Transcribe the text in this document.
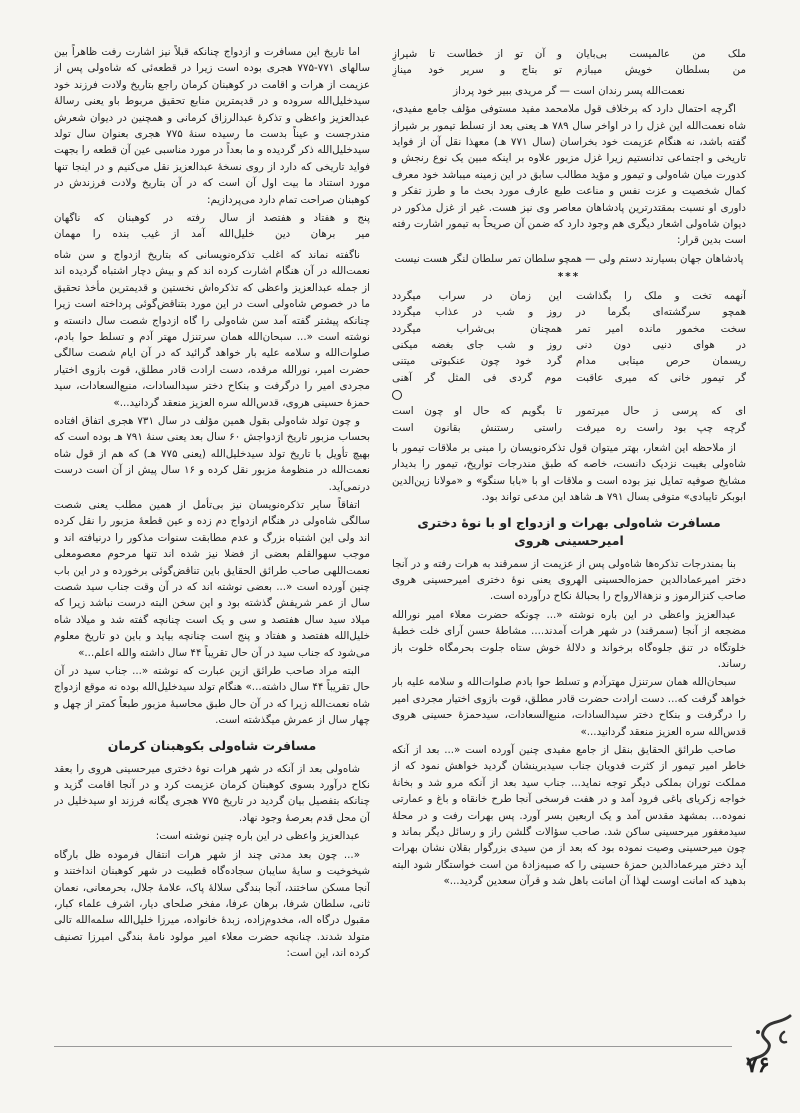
ملک من عالمیست بی‌بایان
و آن تو از خطاست تا شیرازِ
من بسلطان خویش میبازم
تو بتاج و سریر خود مینازِ
نعمت‌الله پسر رندان است — گر مریدی ببیر خود پرداز

اگرچه احتمال دارد که برخلاف قول ملامحمد مفید مستوفی مؤلف جامع مفیدی، شاه نعمت‌الله این غزل را در اواخر سال ۷۸۹ هـ یعنی بعد از تسلط تیمور بر شیراز گفته باشد، نه هنگام عزیمت خود بخراسان (سال ۷۷۱ هـ) معهذا نقل آن از فواید تاریخی و اجتماعی تدانستیم زیرا غزل مزبور علاوه بر اینکه مبین یک نوع رنجش و کدورت میان شاه‌ولی و تیمور و مؤید مطالب سابق در این زمینه میباشد خود معرف کمال شخصیت و عزت نفس و مناعت طبع عارف مورد بحث ما و طرز تفکر و داوری او نسبت بمقتدرترین پادشاهان معاصر وی نیز هست. غیر از غزل مذکور در دیوان شاه‌ولی اشعار دیگری هم وجود دارد که ضمن آن صریحاً به تیمور اشارت رفته است بدین قرار:

پادشاهان جهان بسیارند دستم ولی — همچو سلطان تمر سلطان لنگر هست نیست
***
آنهمه تخت و ملک را بگذاشت
این زمان در سراب میگردد
همچو سرگشته‌ای بگرما در
روز و شب در عذاب میگردد
سخت مخمور مانده امیر تمر
همچنان بی‌شراب میگردد
در هوای دنیی دون دنی
روز و شب جای بغضه میکنی
ریسمان حرص میتابی مدام
گرد خود چون عنکبوتی میتنی
گر تیمور خانی که میری عاقبت
موم گردی فی المثل گر آهنی
ای که پرسی ز حال میرتمور
تا بگویم که حال او چون است
گرچه چپ بود راست ره میرفت
راستی رستنش بقانون است

از ملاحظه این اشعار، بهتر میتوان قول تذکره‌نویسان را مبنی بر ملاقات تیمور با شاه‌ولی بغیبت نزدیک دانست، خاصه که طبق مندرجات تواریخ، تیمور را بدیدار مشایخ صوفیه تمایل نیز بوده است و ملاقات او با «بابا سنگو» و «مولانا زین‌الدین ابوبکر تایبادی» متوفی بسال ۷۹۱ هـ شاهد این مدعی تواند بود.

مسافرت شاه‌ولی بهرات و ازدواج او با نوهٔ دختری امیرحسینی هروی

بنا بمندرجات تذکره‌ها شاه‌ولی پس از عزیمت از سمرقند به هرات رفته و در آنجا دختر امیرعمادالدین حمزه‌الحسینی الهروی یعنی نوهٔ دختری امیرحسینی هروی صاحب کنزالرموز و نزهة‌الارواح را بحبالهٔ نکاح درآورده است.

عبدالعزیز واعظی در این باره نوشته «... چونکه حضرت معلاء امیر نورالله مضجعه از آنجا (سمرقند) در شهر هرات آمدند.... مشاطهٔ حسن آرای خلت خطبهٔ خلوتگاه در تنق جلوه‌گاه برخواند و دلالهٔ خوش ستاه جلوت بحرمگاه خلوت باز رساند.

سبحان‌الله همان سرتنزل مهترآدم و تسلط حوا بادم صلوات‌الله و سلامه علیه بار خواهد گرفت که... دست ارادت حضرت قادر مطلق، قوت بازوی اختیار مجردی امیر را درگرفت و بنکاح دختر سیدالسادات، منبع‌السعادات، سیدحمزهٔ حسینی هروی قدس‌الله سره العزیز منعقد گردانید...»

صاحب طرائق الحقایق بنقل از جامع مفیدی چنین آورده است «... بعد از آنکه خاطر امیر تیمور از کثرت فدویان جناب سیدبرینشان گردید خواهش نمود که از مملکت توران بملکی دیگر توجه نماید... جناب سید بعد از آنکه مرو شد و بخانهٔ خواجه زکریای باغی فرود آمد و در هفت فرسخی آنجا طرح خانقاه و باغ و عمارتی نموده... بمشهد مقدس آمد و یک اربعین بسر آورد. پس بهرات رفت و در محلهٔ سیدمغفور میرحسینی ساکن شد. صاحب سؤالات گلشن راز و رسائل دیگر بماند و چون میرحسینی وصیت نموده بود که بعد از من سیدی بزرگوار بقلان نشان بهرات آید دختر میرعمادالدین حمزهٔ حسینی را که صبیه‌زادهٔ من است خواستگار شود البته بدهید که امانت اوست لهذا آن امانت باهل شد و قرآن سعدین گردید...»

اما تاریخ این مسافرت و ازدواج چنانکه قبلاً نیز اشارت رفت ظاهراً بین سالهای ۷۷۱-۷۷۵ هجری بوده است زیرا در قطعه‌ئی که شاه‌ولی پس از عزیمت از هرات و اقامت در کوهبنان کرمان راجع بتاریخ ولادت فرزند خود سیدخلیل‌الله سروده و در قدیمترین منابع تحقیق مربوط باو یعنی رسالهٔ عبدالعزیز واعظی و تذکرهٔ عبدالرزاق کرمانی و همچنین در دیوان شعرش مندرجست و عیناً بدست ما رسیده سنهٔ ۷۷۵ هجری بعنوان سال تولد سیدخلیل‌الله ذکر گردیده و ما بعداً در مورد مناسبی عین آن قطعه را بجهت فواید تاریخی که دارد از روی نسخهٔ عبدالعزیز نقل می‌کنیم و در اینجا تنها مورد استناد ما بیت اول آن است که در آن بتاریخ ولادت فرزندش در کوهبنان صراحت تمام دارد می‌پردازیم:

پنج و هفتاد و هفتصد از سال
رفته در کوهبنان که ناگهان
میر برهان دین خلیل‌الله
آمد از غیب بنده را مهمان

ناگفته نماند که اغلب تذکره‌نویسانی که بتاریخ ازدواج و سن شاه نعمت‌الله در آن هنگام اشارت کرده اند کم و بیش دچار اشتباه گردیده اند از جمله عبدالعزیز واعظی که تذکره‌اش نخستین و قدیمترین مأخذ تحقیق ما در خصوص شاه‌ولی است در این مورد بتناقض‌گوئی پرداخته است زیرا چنانکه پیشتر گفته آمد سن شاه‌ولی را گاه ازدواج شصت سال دانسته و نوشته است «... سبحان‌الله همان سرتنزل مهتر آدم و تسلط حوا بادم، صلوات‌الله و سلامه علیه بار خواهد گرائید که در آن ایام شصت سالگی حضرت امیر، نورالله مرقده، دست ارادت قادر مطلق، قوت بازوی اختیار مجردی امیر را درگرفت و بنکاح دختر سیدالسادات، منبع‌السعادات، سید حمزهٔ حسینی هروی، قدس‌الله سره العزیز منعقد گردانید...»

و چون تولد شاه‌ولی بقول همین مؤلف در سال ۷۳۱ هجری اتفاق افتاده بحساب مزبور تاریخ ازدواجش ۶۰ سال بعد یعنی سنهٔ ۷۹۱ هـ بوده است که بهیچ تأویل با تاریخ تولد سیدخلیل‌الله (یعنی ۷۷۵ هـ) که هم از قول شاه نعمت‌الله در منظومهٔ مزبور نقل کرده و ۱۶ سال پیش از آن است درست درنمی‌آید.

اتفاقاً سایر تذکره‌نویسان نیز بی‌تأمل از همین مطلب یعنی شصت سالگی شاه‌ولی در هنگام ازدواج دم زده و عین قطعهٔ مزبور را نقل کرده اند ولی این اشتباه بزرگ و عدم مطابقت سنوات مذکور را درنیافته اند و موجب سهوالقلم بعضی از فضلا نیز شده اند تنها مرحوم معصومعلی نعمت‌اللهی صاحب طرائق الحقایق باین تناقض‌گوئی برخورده و در این باب چنین آورده است «... بعضی نوشته اند که در آن وقت جناب سید شصت سال از عمر شریفش گذشته بود و این سخن البته درست نباشد زیرا که میلاد سید سال هفتصد و سی و یک است چنانچه گفته شد و میلاد شاه خلیل‌الله هفتصد و هفتاد و پنج است چنانچه بیاید و باین دو تاریخ معلوم می‌شود که جناب سید در آن حال تقریباً ۴۴ سال داشته والله اعلم...»

البته مراد صاحب طرائق ازین عبارت که نوشته «... جناب سید در آن حال تقریباً ۴۴ سال داشته...» هنگام تولد سیدخلیل‌الله بوده نه موقع ازدواج شاه نعمت‌الله زیرا که در آن حال طبق محاسبهٔ مزبور طبعاً کمتر از چهل و چهار سال از عمرش میگذشته است.

مسافرت شاه‌ولی بکوهبنان کرمان

شاه‌ولی بعد از آنکه در شهر هرات نوهٔ دختری میرحسینی هروی را بعقد نکاح درآورد بسوی کوهبنان کرمان عزیمت کرد و در آنجا اقامت گزید و چنانکه بتفصیل بیان گردید در تاریخ ۷۷۵ هجری یگانه فرزند او سیدخلیل در آن محل قدم بعرصهٔ وجود نهاد.

عبدالعزیز واعظی در این باره چنین نوشته است:

«... چون بعد مدتی چند از شهر هرات انتقال فرموده ظل بارگاه شیخوخیت و سایهٔ سایبان سجاده‌گاه قطبیت در شهر کوهبنان انداختند و آنجا مسکن ساختند، آنجا بندگی سلالهٔ پاک، علامهٔ جلال، بحرمعانی، نعمان ثانی، سلطان شرفا، برهان عرفا، مفخر صلحای دیار، اشرف علماء کبار، مقبول درگاه اله، مخدوم‌زاده، زبدهٔ خانواده، میرزا خلیل‌الله سلمه‌الله تالی متولد شدند. چنانچه حضرت معلاء امیر مولود نامهٔ بندگی امیرزا تصنیف کرده اند، این است:

۷۶
